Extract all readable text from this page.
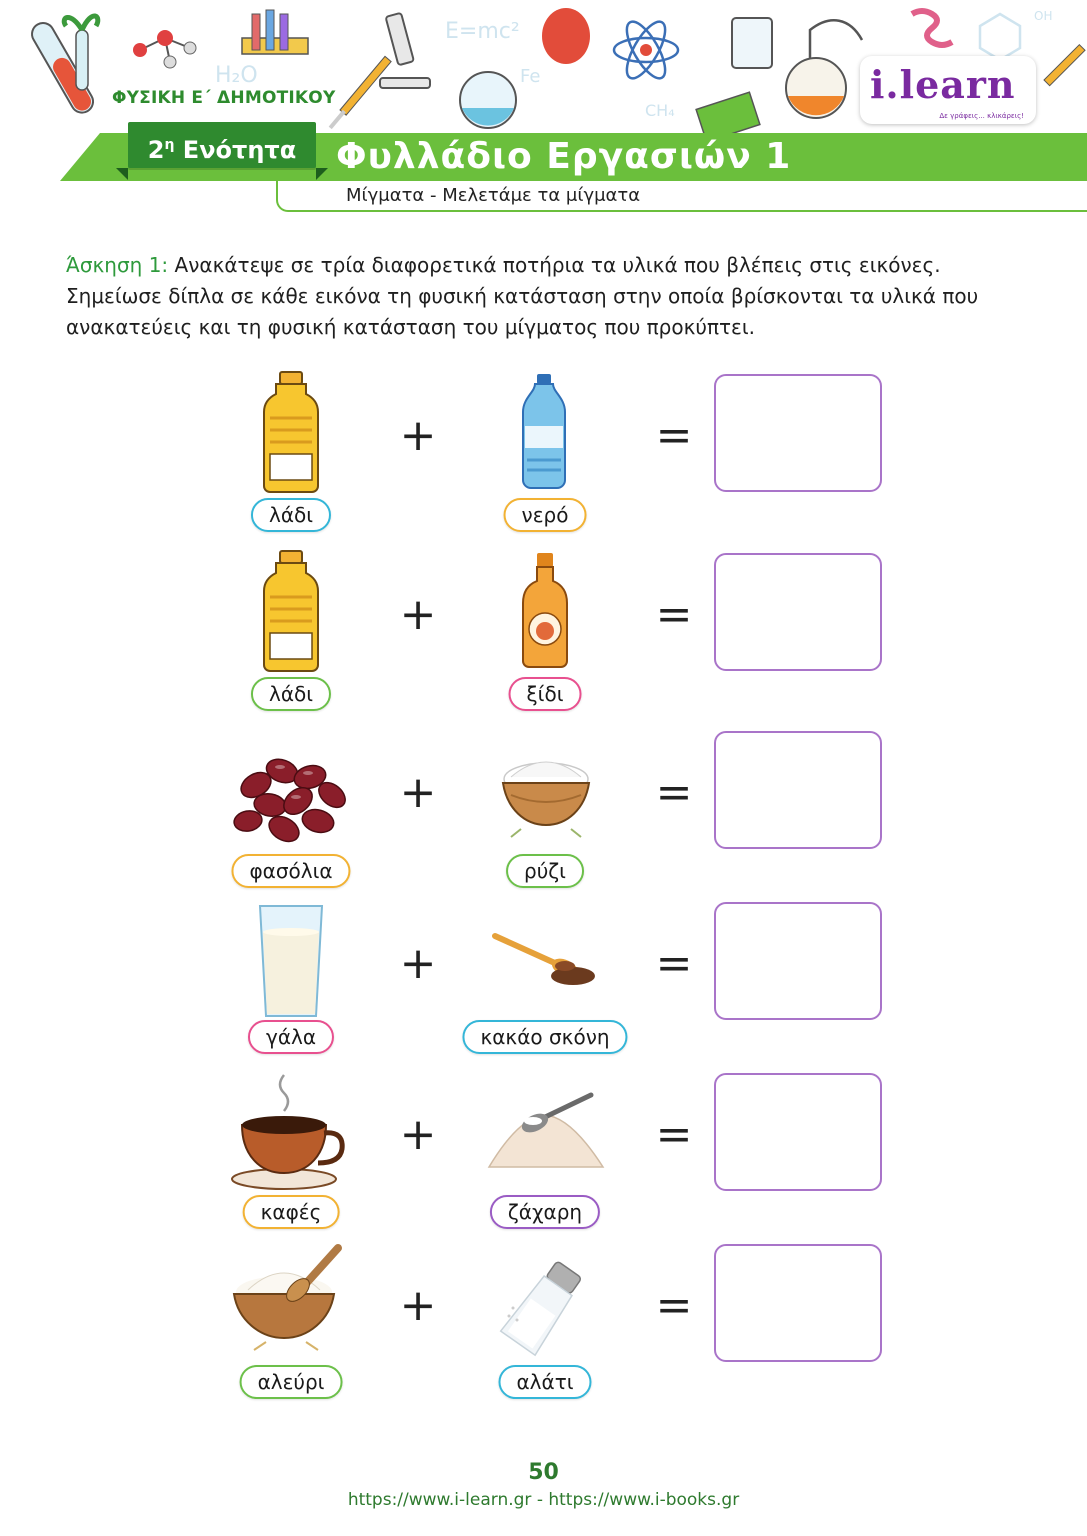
H₂O
E=mc²
Fe
CH₄
OH
ΦΥΣΙΚΗ Ε΄ ΔΗΜΟΤΙΚΟΥ
$2^\eta$ Ενότητα	Φυλλάδιο Εργασιών 1
Μίγματα - Μελετάμε τα μίγματα
i.learn
Δε γράφεις... κλικάρεις!
Άσκηση 1: Ανακάτεψε σε τρία διαφορετικά ποτήρια τα υλικά που βλέπεις στις εικόνες. Σημείωσε δίπλα σε κάθε εικόνα τη φυσική κατάσταση στην οποία βρίσκονται τα υλικά που ανακατεύεις και τη φυσική κατάσταση του μίγματος που προκύπτει.
λάδι
+
νερό
=
λάδι
+
ξίδι
=
φασόλια
+
ρύζι
=
γάλα
+
κακάο σκόνη
=
καφές
+
ζάχαρη
=
αλεύρι
+
αλάτι
=
50
https://www.i-learn.gr - https://www.i-books.gr
